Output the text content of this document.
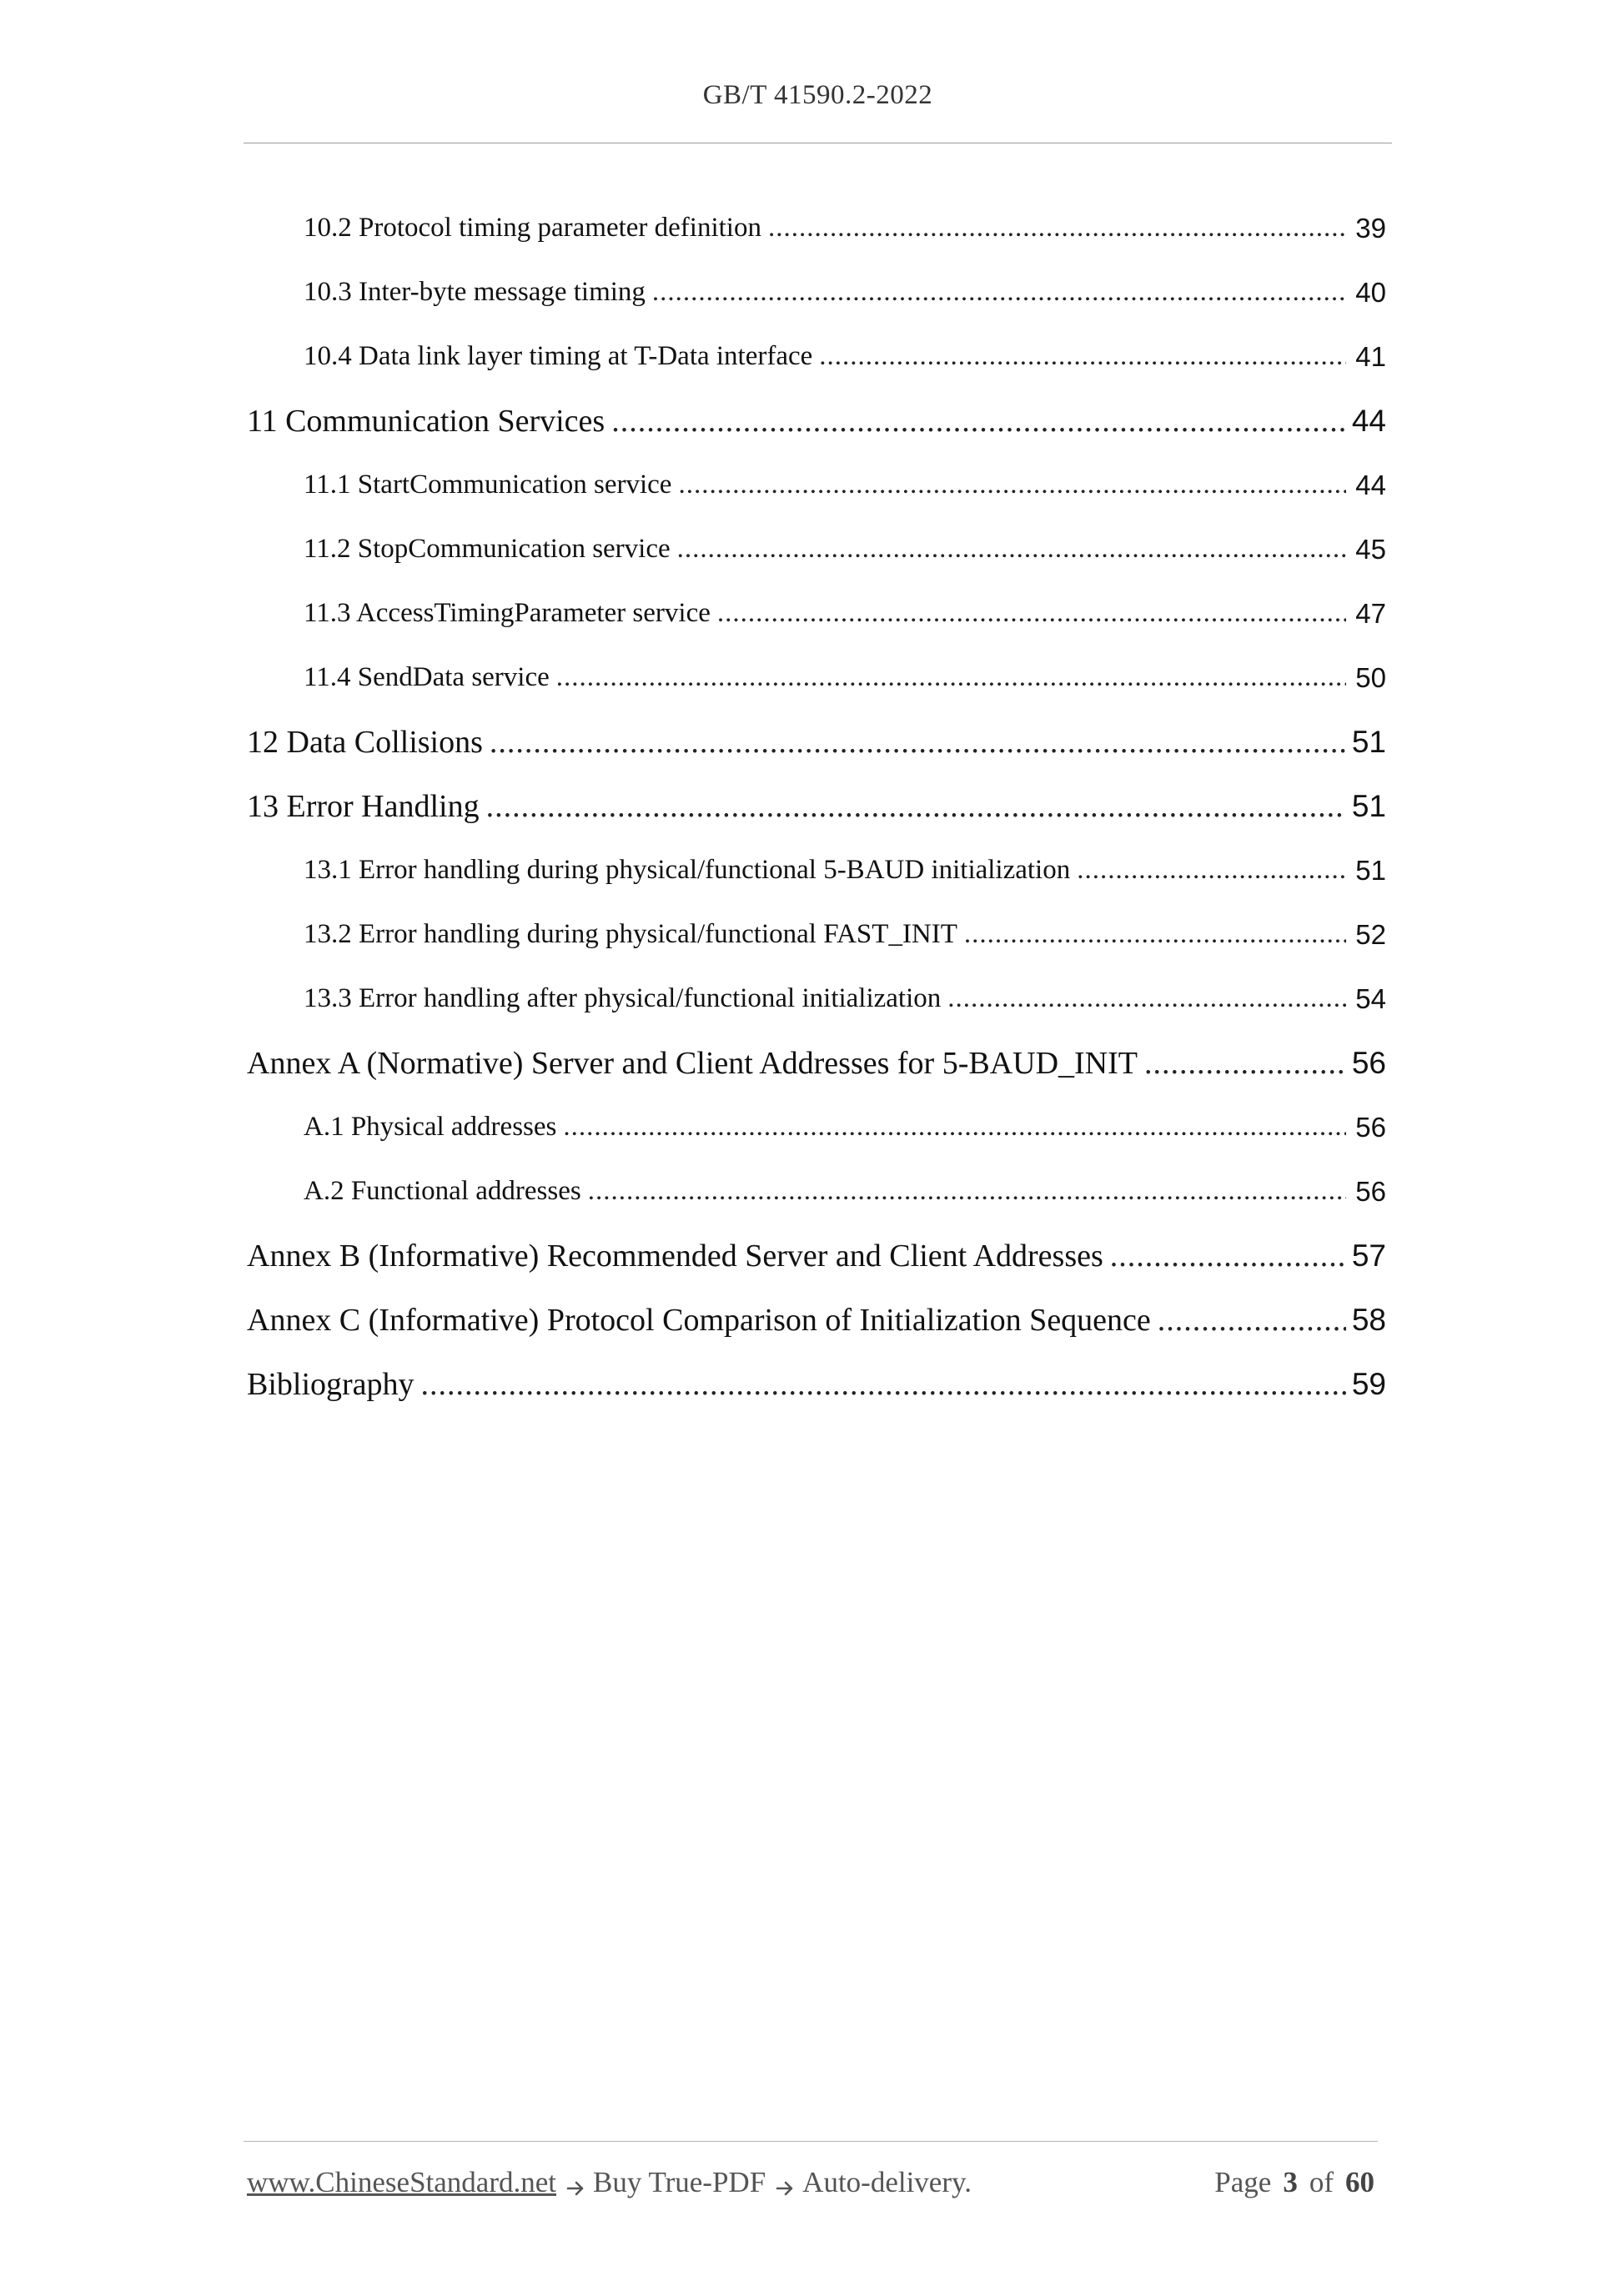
GB/T 41590.2-2022
10.2 Protocol timing parameter definition .....	39
10.3 Inter-byte message timing .....	40
10.4 Data link layer timing at T-Data interface .....	41
11 Communication Services .....	44
11.1 StartCommunication service .....	44
11.2 StopCommunication service .....	45
11.3 AccessTimingParameter service .....	47
11.4 SendData service .....	50
12 Data Collisions .....	51
13 Error Handling .....	51
13.1 Error handling during physical/functional 5-BAUD initialization .....	51
13.2 Error handling during physical/functional FAST_INIT .....	52
13.3 Error handling after physical/functional initialization .....	54
Annex A (Normative) Server and Client Addresses for 5-BAUD_INIT .....	56
A.1 Physical addresses .....	56
A.2 Functional addresses .....	56
Annex B (Informative) Recommended Server and Client Addresses .....	57
Annex C (Informative) Protocol Comparison of Initialization Sequence .....	58
Bibliography .....	59
www.ChineseStandard.net Buy True-PDF Auto-delivery.	Page 3 of 60
